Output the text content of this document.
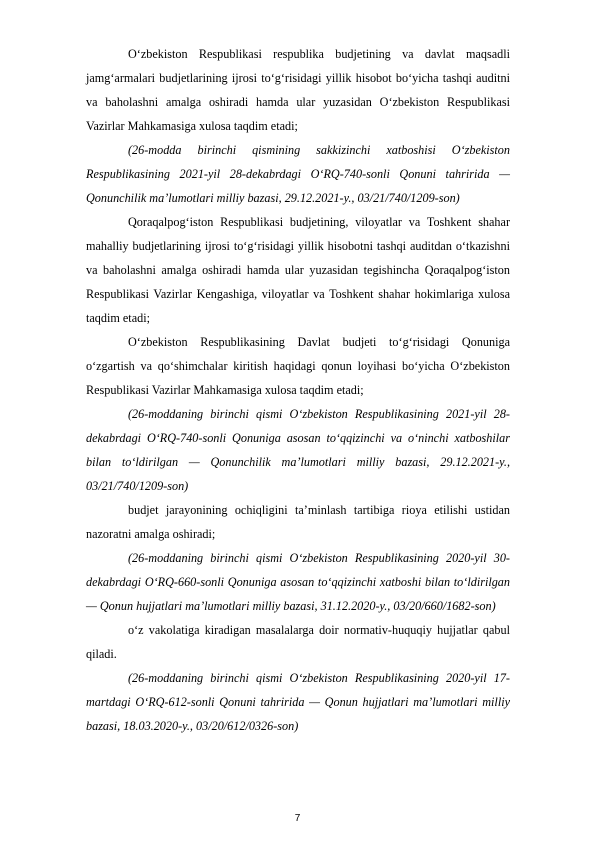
O‘zbekiston Respublikasi respublika budjetining va davlat maqsadli jamg‘armalari budjetlarining ijrosi to‘g‘risidagi yillik hisobot bo‘yicha tashqi auditni va baholashni amalga oshiradi hamda ular yuzasidan O‘zbekiston Respublikasi Vazirlar Mahkamasiga xulosa taqdim etadi;

(26-modda birinchi qismining sakkizinchi xatboshisi O‘zbekiston Respublikasining 2021-yil 28-dekabrdagi O‘RQ-740-sonli Qonuni tahririda — Qonunchilik ma’lumotlari milliy bazasi, 29.12.2021-y., 03/21/740/1209-son)

Qoraqalpog‘iston Respublikasi budjetining, viloyatlar va Toshkent shahar mahalliy budjetlarining ijrosi to‘g‘risidagi yillik hisobotni tashqi auditdan o‘tkazishni va baholashni amalga oshiradi hamda ular yuzasidan tegishincha Qoraqalpog‘iston Respublikasi Vazirlar Kengashiga, viloyatlar va Toshkent shahar hokimlariga xulosa taqdim etadi;

O‘zbekiston Respublikasining Davlat budjeti to‘g‘risidagi Qonuniga o‘zgartish va qo‘shimchalar kiritish haqidagi qonun loyihasi bo‘yicha O‘zbekiston Respublikasi Vazirlar Mahkamasiga xulosa taqdim etadi;

(26-moddaning birinchi qismi O‘zbekiston Respublikasining 2021-yil 28-dekabrdagi O‘RQ-740-sonli Qonuniga asosan to‘qqizinchi va o‘ninchi xatboshilar bilan to‘ldirilgan — Qonunchilik ma’lumotlari milliy bazasi, 29.12.2021-y., 03/21/740/1209-son)

budjet jarayonining ochiqligini ta’minlash tartibiga rioya etilishi ustidan nazoratni amalga oshiradi;

(26-moddaning birinchi qismi O‘zbekiston Respublikasining 2020-yil 30-dekabrdagi O‘RQ-660-sonli Qonuniga asosan to‘qqizinchi xatboshi bilan to‘ldirilgan — Qonun hujjatlari ma’lumotlari milliy bazasi, 31.12.2020-y., 03/20/660/1682-son)

o‘z vakolatiga kiradigan masalalarga doir normativ-huquqiy hujjatlar qabul qiladi.

(26-moddaning birinchi qismi O‘zbekiston Respublikasining 2020-yil 17-martdagi O‘RQ-612-sonli Qonuni tahririda — Qonun hujjatlari ma’lumotlari milliy bazasi, 18.03.2020-y., 03/20/612/0326-son)

7
